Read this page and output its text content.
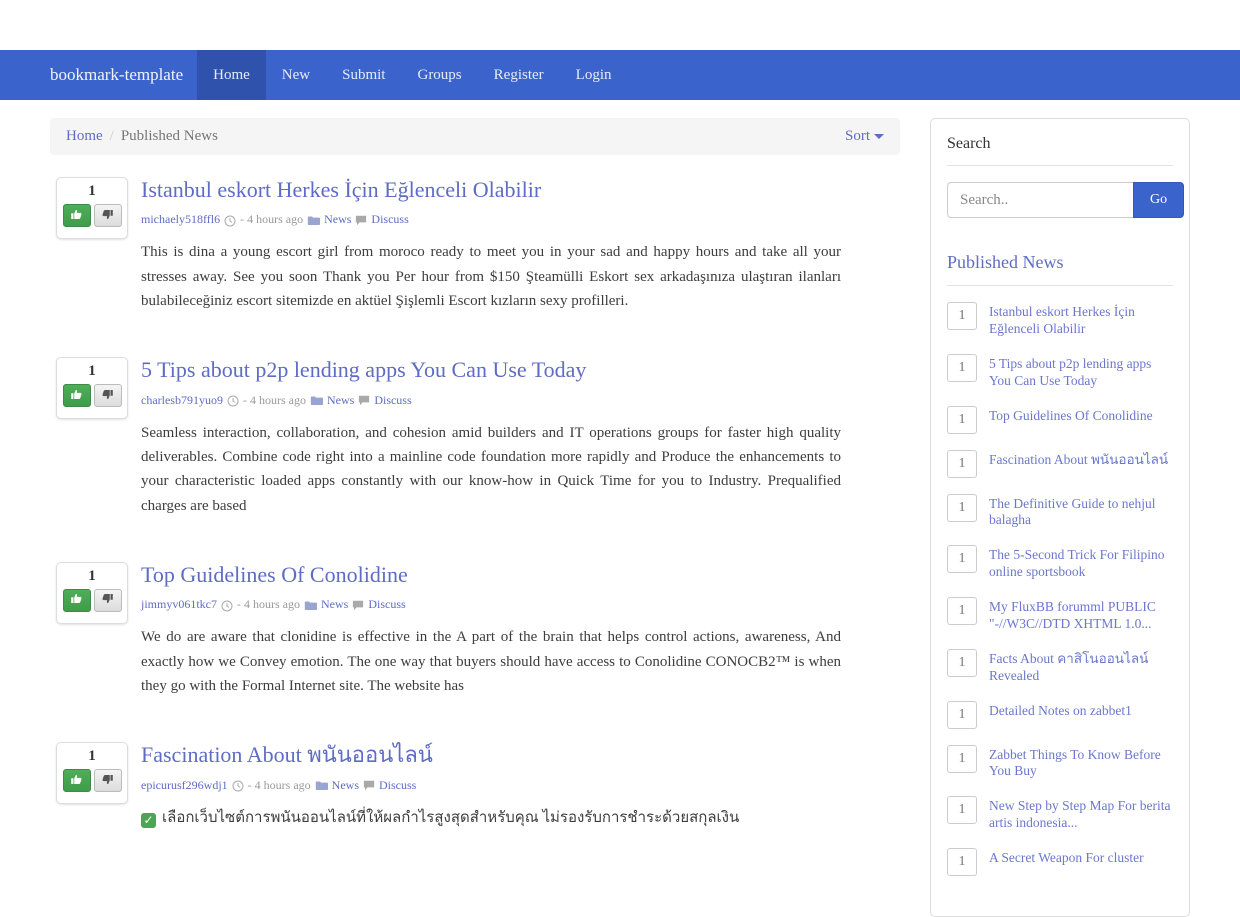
bookmark-template	Home	New	Submit	Groups	Register	Login
Home / Published News	Sort
1	Istanbul eskort Herkes İçin Eğlenceli Olabilir
michaely518ffl6 - 4 hours ago News Discuss

This is dina a young escort girl from moroco ready to meet you in your sad and happy hours and take all your stresses away. See you soon Thank you Per hour from $150 Şteamülli Eskort sex arkadaşınıza ulaştıran ilanları bulabileceğiniz escort sitemizde en aktüel Şişlemli Escort kızların sexy profilleri.

1	5 Tips about p2p lending apps You Can Use Today
charlesb791yuo9 - 4 hours ago News Discuss

Seamless interaction, collaboration, and cohesion amid builders and IT operations groups for faster high quality deliverables. Combine code right into a mainline code foundation more rapidly and Produce the enhancements to your characteristic loaded apps constantly with our know-how in Quick Time for you to Industry. Prequalified charges are based

1	Top Guidelines Of Conolidine
jimmyv061tkc7 - 4 hours ago News Discuss

We do are aware that clonidine is effective in the A part of the brain that helps control actions, awareness, And exactly how we Convey emotion. The one way that buyers should have access to Conolidine CONOCB2™ is when they go with the Formal Internet site. The website has

1	Fascination About พนันออนไลน์
epicurusf296wdj1 - 4 hours ago News Discuss

✓เลือกเว็บไซต์การพนันออนไลน์ที่ให้ผลกำไรสูงสุดสำหรับคุณ ไม่รองรับการชำระด้วยสกุลเงิน

Search
Search..
Go
Published News
1	Istanbul eskort Herkes İçin Eğlenceli Olabilir
1	5 Tips about p2p lending apps You Can Use Today
1	Top Guidelines Of Conolidine
1	Fascination About พนันออนไลน์
1	The Definitive Guide to nehjul balagha
1	The 5-Second Trick For Filipino online sportsbook
1	My FluxBB forumml PUBLIC "-//W3C//DTD XHTML 1.0...
1	Facts About คาสิโนออนไลน์ Revealed
1	Detailed Notes on zabbet1
1	Zabbet Things To Know Before You Buy
1	New Step by Step Map For berita artis indonesia...
1	A Secret Weapon For cluster
